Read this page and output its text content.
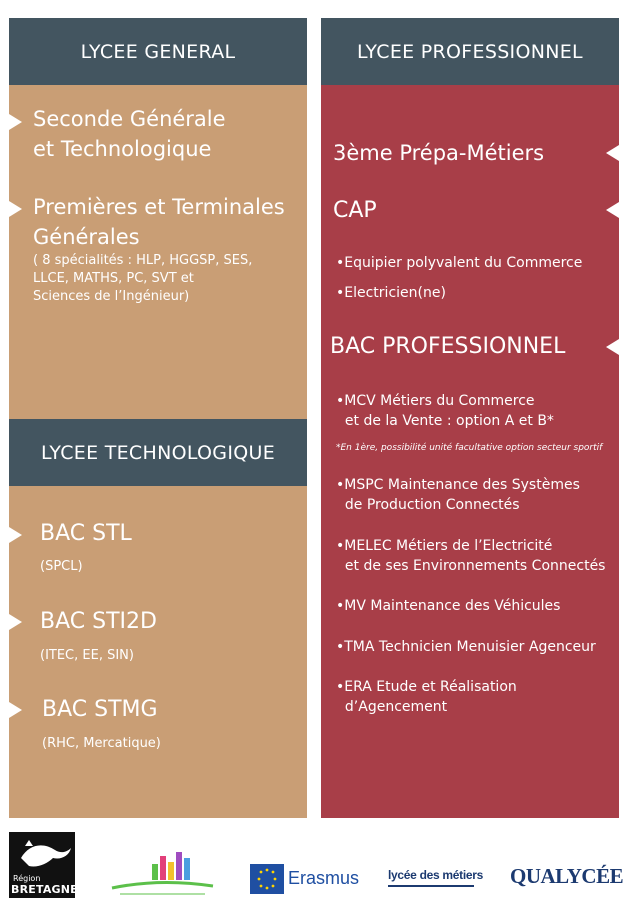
LYCEE GENERAL
Seconde Générale
et Technologique
Premières et Terminales
Générales
( 8 spécialités : HLP, HGGSP, SES,
LLCE, MATHS, PC, SVT et
Sciences de l’Ingénieur)
LYCEE TECHNOLOGIQUE
BAC STL
(SPCL)
BAC STI2D
(ITEC, EE, SIN)
BAC STMG
(RHC, Mercatique)
LYCEE PROFESSIONNEL
3ème Prépa-Métiers
CAP
•Equipier polyvalent du Commerce
•Electricien(ne)
BAC PROFESSIONNEL
•MCV Métiers du Commerce
et de la Vente : option A et B*
*En 1ère, possibilité unité facultative option secteur sportif
•MSPC Maintenance des Systèmes
de Production Connectés
•MELEC Métiers de l’Electricité
et de ses Environnements Connectés
•MV Maintenance des Véhicules
•TMA Technicien Menuisier Agenceur
•ERA Etude et Réalisation
d’Agencement
Région
BRETAGNE
Erasmus lycée des métiers QUALYCÉE
